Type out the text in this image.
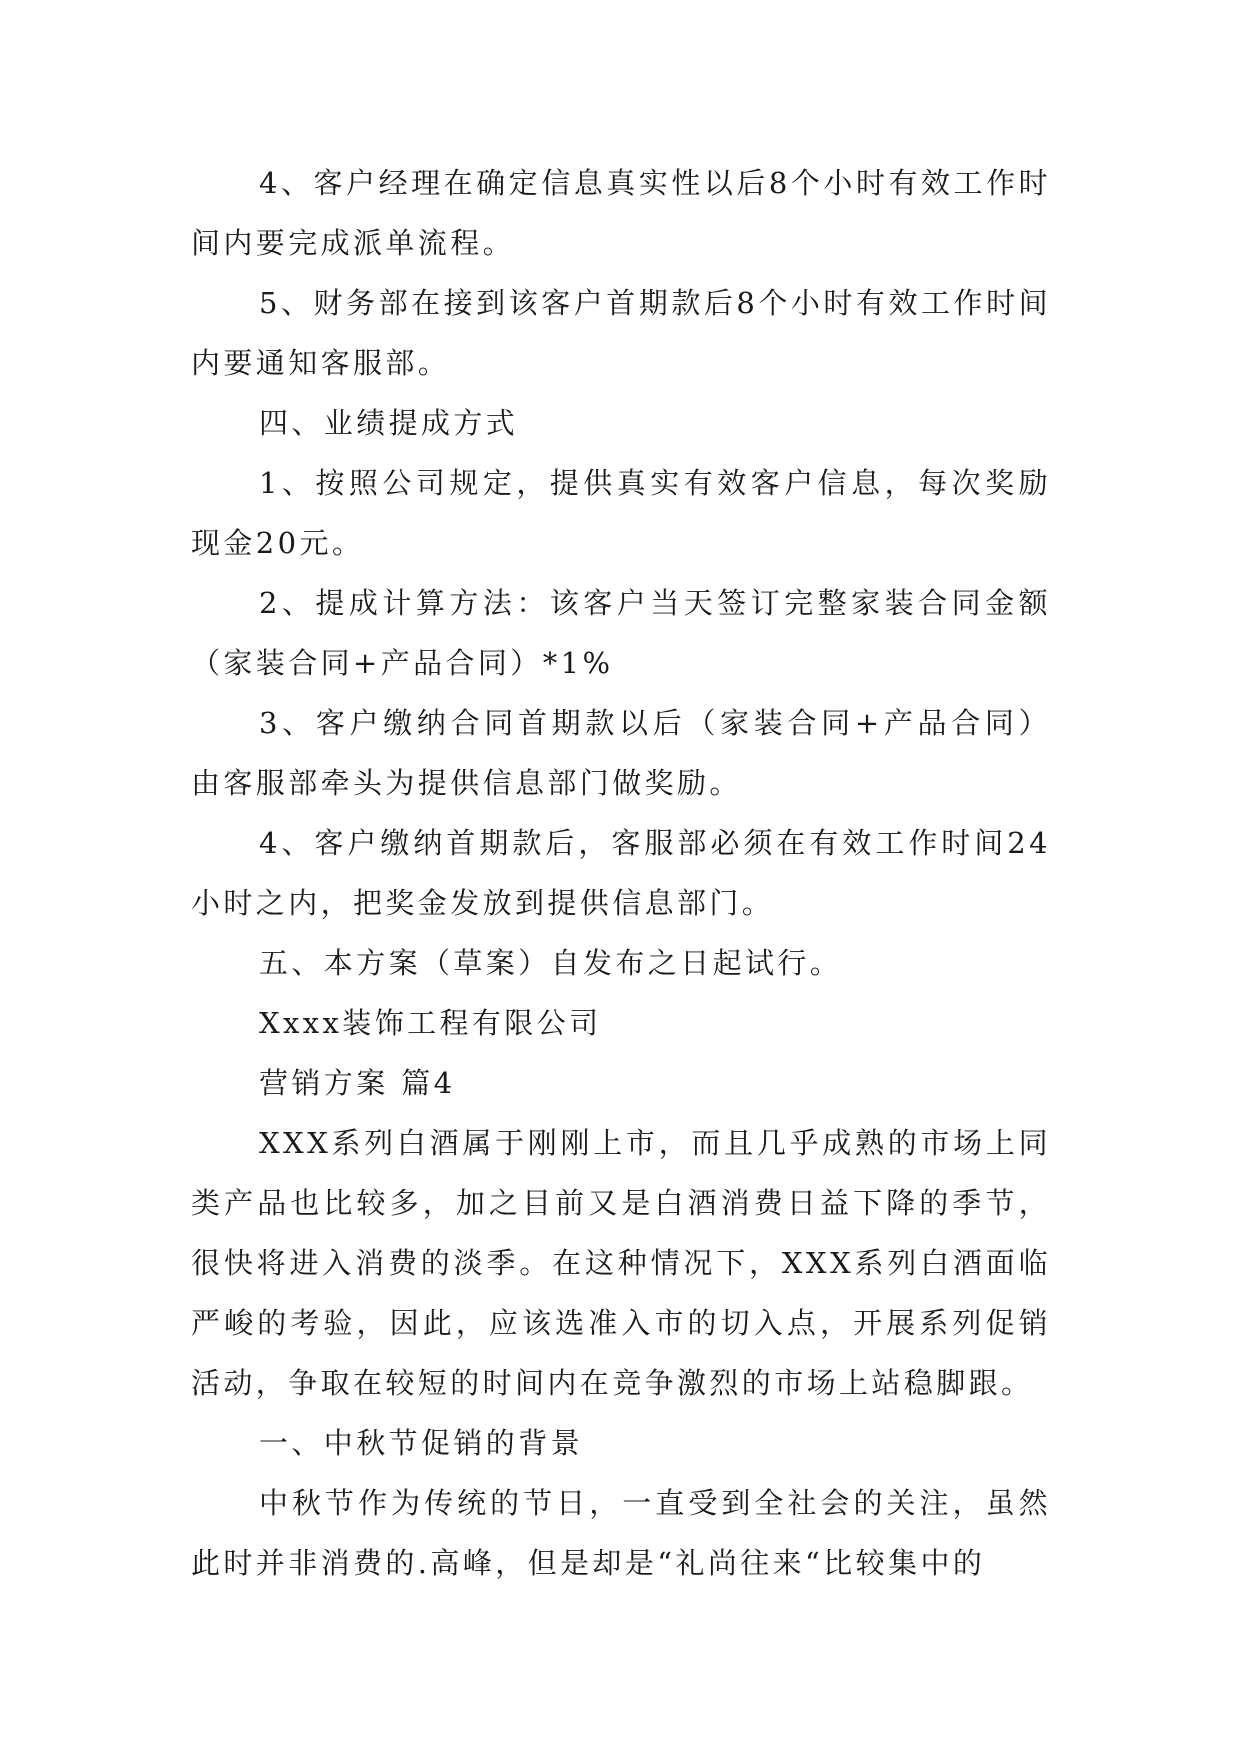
4、客户经理在确定信息真实性以后8个小时有效工作时间内要完成派单流程。

5、财务部在接到该客户首期款后8个小时有效工作时间内要通知客服部。

四、业绩提成方式

1、按照公司规定，提供真实有效客户信息，每次奖励现金20元。

2、提成计算方法：该客户当天签订完整家装合同金额（家装合同+产品合同）*1%

3、客户缴纳合同首期款以后（家装合同+产品合同）由客服部牵头为提供信息部门做奖励。

4、客户缴纳首期款后，客服部必须在有效工作时间24小时之内，把奖金发放到提供信息部门。

五、本方案（草案）自发布之日起试行。

Xxxx装饰工程有限公司

营销方案 篇4

XXX系列白酒属于刚刚上市，而且几乎成熟的市场上同类产品也比较多，加之目前又是白酒消费日益下降的季节，很快将进入消费的淡季。在这种情况下，XXX系列白酒面临严峻的考验，因此，应该选准入市的切入点，开展系列促销活动，争取在较短的时间内在竞争激烈的市场上站稳脚跟。

一、中秋节促销的背景

中秋节作为传统的节日，一直受到全社会的关注，虽然此时并非消费的.高峰，但是却是“礼尚往来“比较集中的
